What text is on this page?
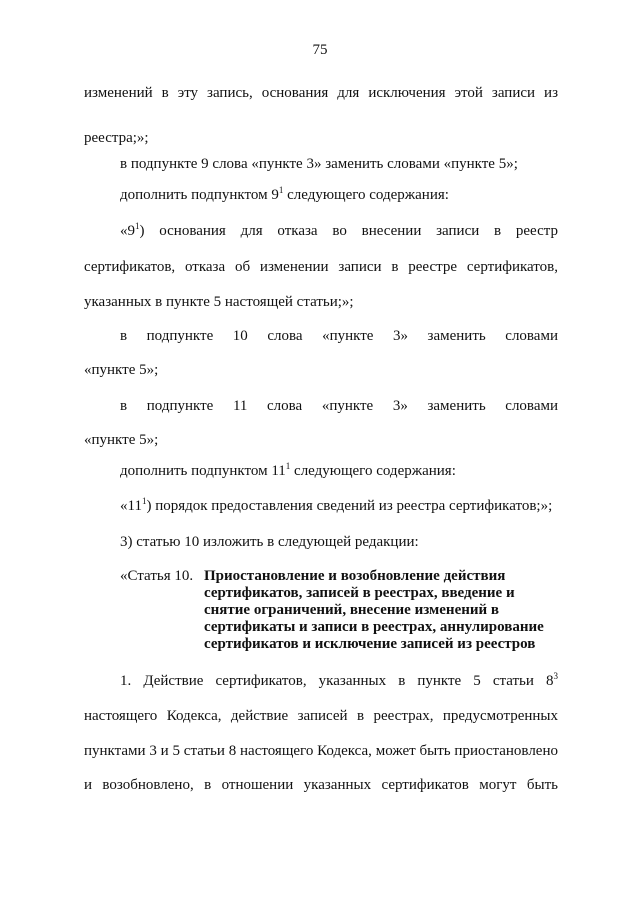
75
изменений в эту запись, основания для исключения этой записи из
реестра;»;
в подпункте 9 слова «пункте 3» заменить словами «пункте 5»;
дополнить подпунктом $9^1$ следующего содержания:
«$9^1$) основания для отказа во внесении записи в реестр
сертификатов, отказа об изменении записи в реестре сертификатов,
указанных в пункте 5 настоящей статьи;»;
в подпункте 10 слова «пункте 3» заменить словами
«пункте 5»;
в подпункте 11 слова «пункте 3» заменить словами
«пункте 5»;
дополнить подпунктом $11^1$ следующего содержания:
«$11^1$) порядок предоставления сведений из реестра сертификатов;»;
3) статью 10 изложить в следующей редакции:
«Статья 10. Приостановление и возобновление действия
сертификатов, записей в реестрах, введение и
снятие ограничений, внесение изменений в
сертификаты и записи в реестрах, аннулирование
сертификатов и исключение записей из реестров
1. Действие сертификатов, указанных в пункте 5 статьи $8^3$
настоящего Кодекса, действие записей в реестрах, предусмотренных
пунктами 3 и 5 статьи 8 настоящего Кодекса, может быть приостановлено
и возобновлено, в отношении указанных сертификатов могут быть
